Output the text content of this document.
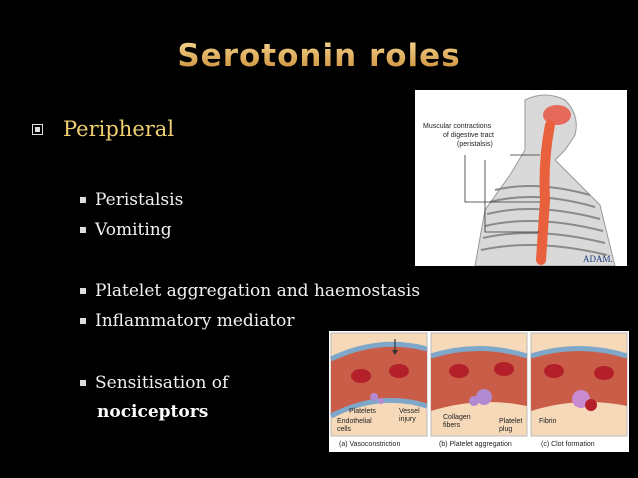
Serotonin roles
Peripheral
Peristalsis
Vomiting
Platelet aggregation and haemostasis
Inflammatory mediator
Sensitisation of
nociceptors
Muscular contractions
of digestive tract
(peristalsis)
ADAM.
Platelets
Endothelial
cells
Vessel
injury	Collagen
fibers
Platelet
plug
Fibrin
(a) Vasoconstriction	(b) Platelet aggregation	(c) Clot formation
